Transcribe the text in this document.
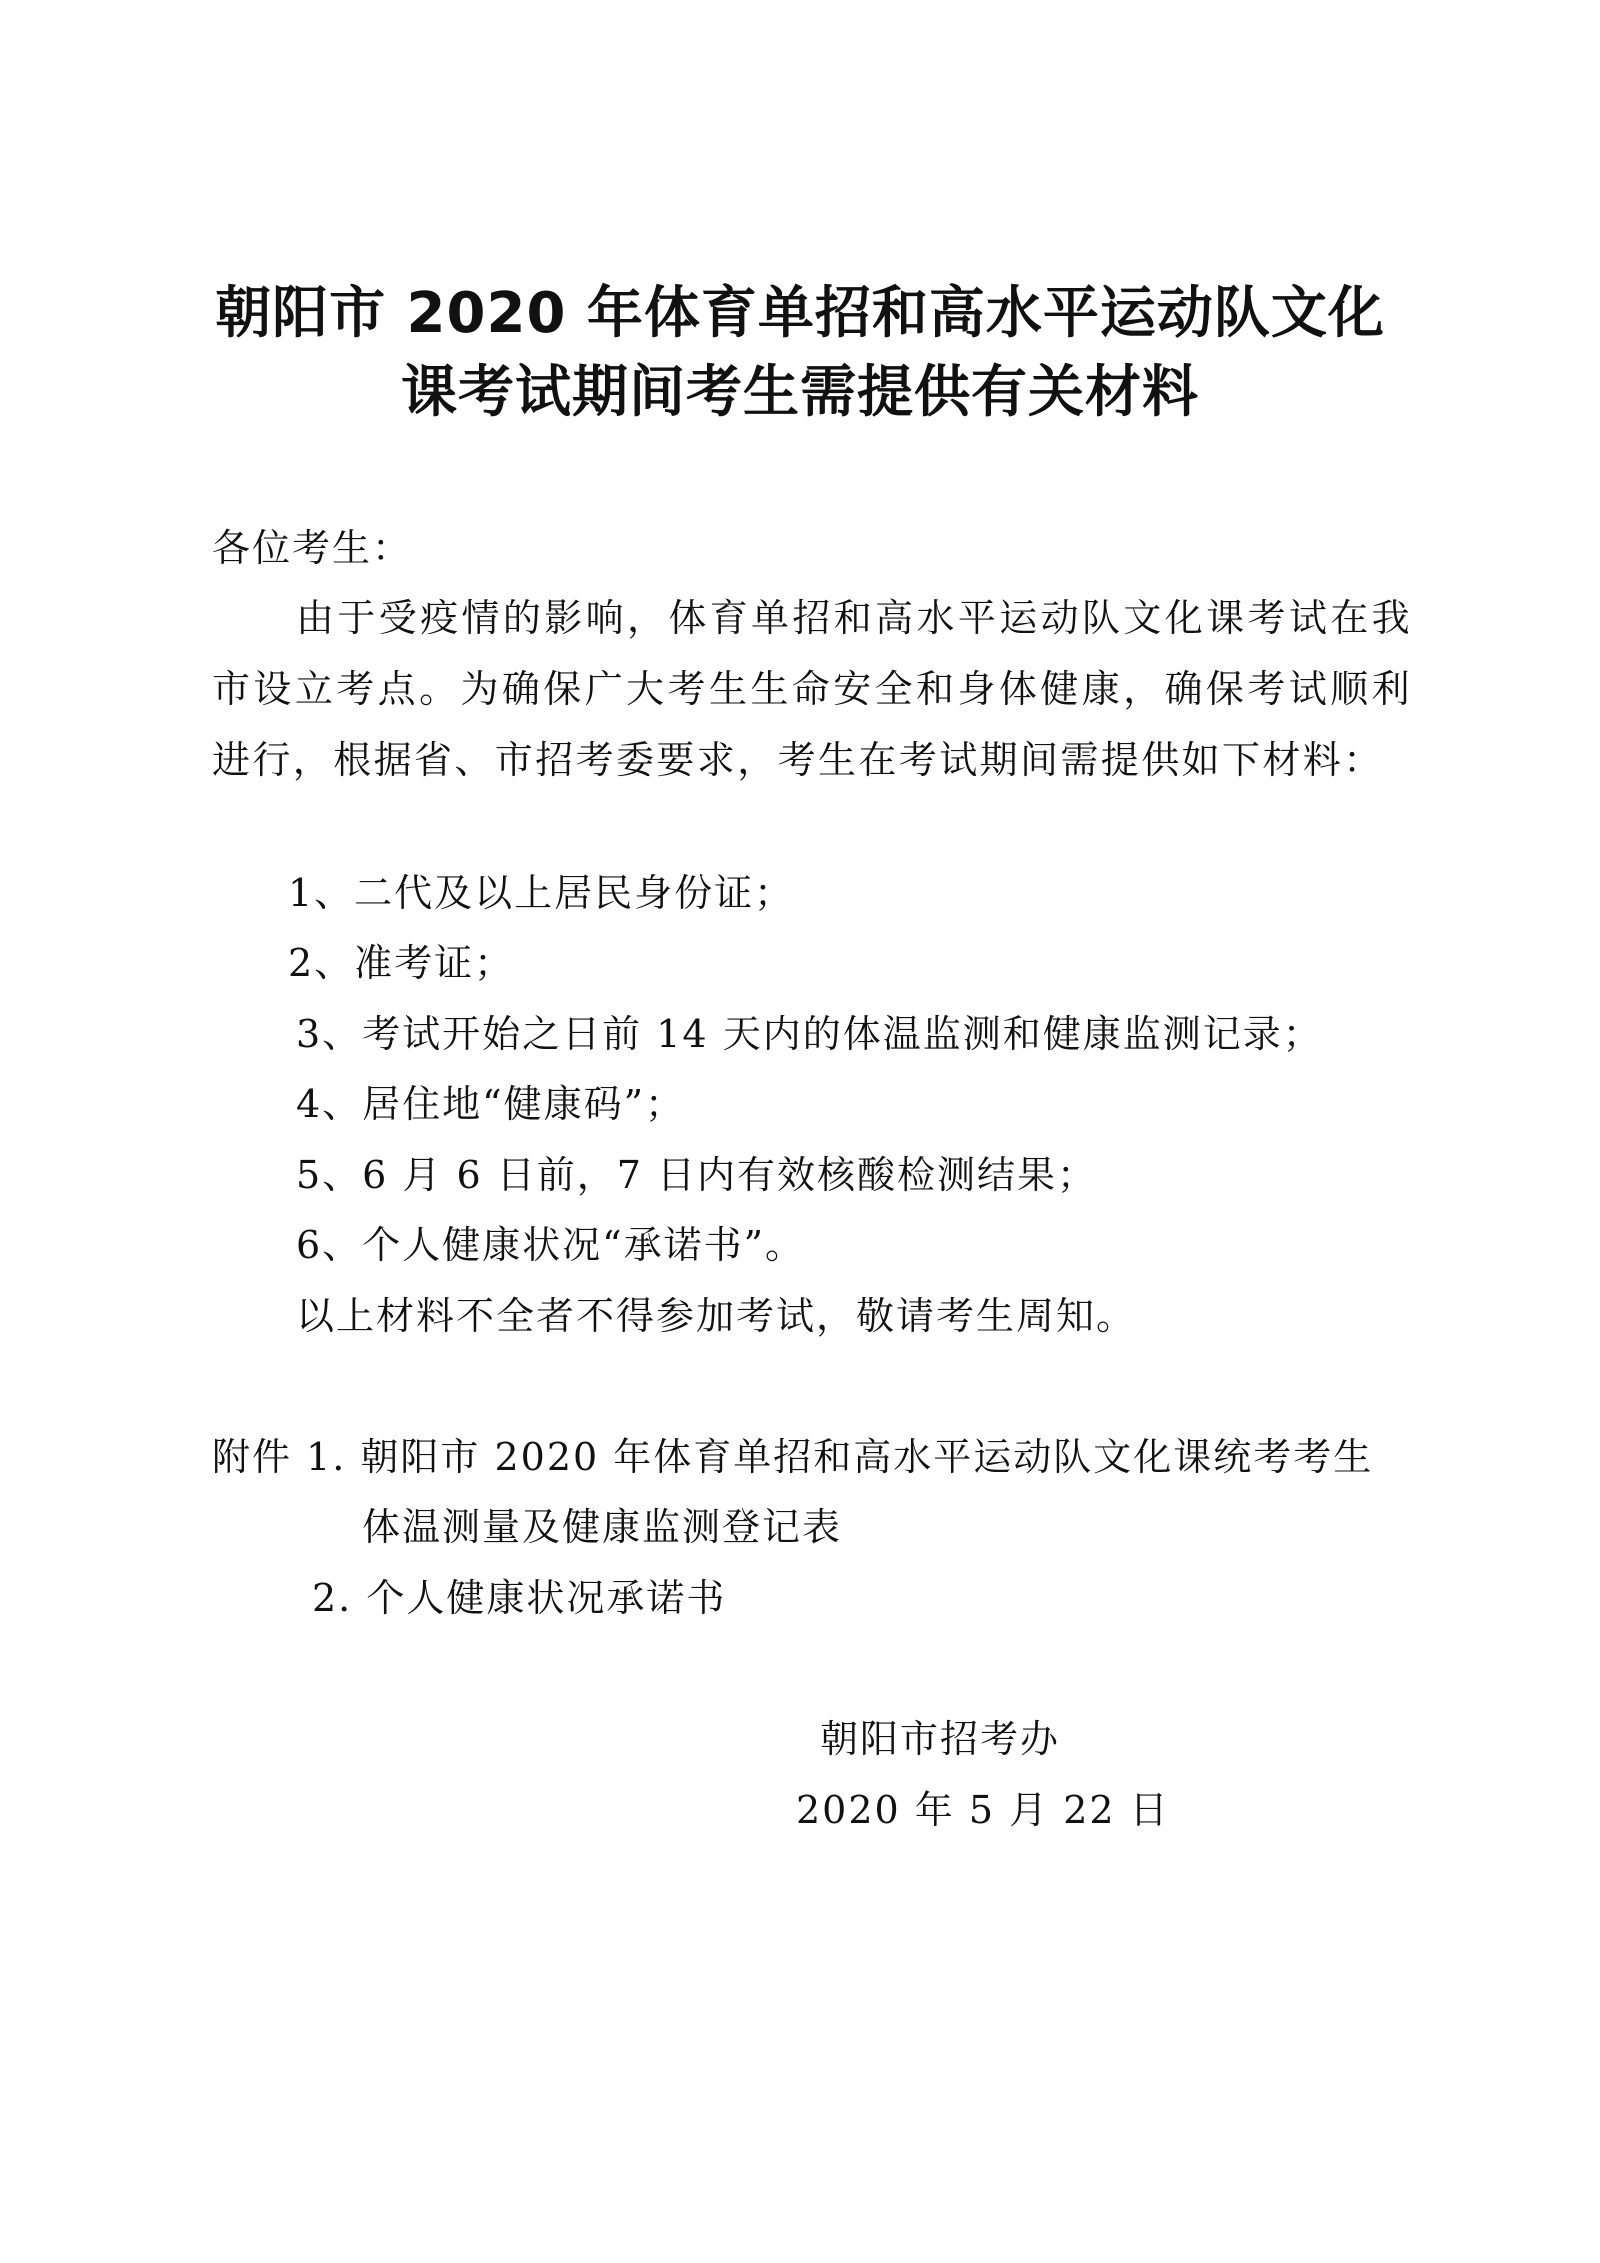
朝阳市 2020 年体育单招和高水平运动队文化
课考试期间考生需提供有关材料
各位考生：
由于受疫情的影响，体育单招和高水平运动队文化课考试在我市设立考点。为确保广大考生生命安全和身体健康，确保考试顺利进行，根据省、市招考委要求，考生在考试期间需提供如下材料：
1、二代及以上居民身份证；
2、准考证；
3、考试开始之日前 14 天内的体温监测和健康监测记录；
4、居住地“健康码”；
5、6 月 6 日前，7 日内有效核酸检测结果；
6、个人健康状况“承诺书”。
以上材料不全者不得参加考试，敬请考生周知。
附件 1. 朝阳市 2020 年体育单招和高水平运动队文化课统考考生
体温测量及健康监测登记表
2. 个人健康状况承诺书
朝阳市招考办
2020 年 5 月 22 日
